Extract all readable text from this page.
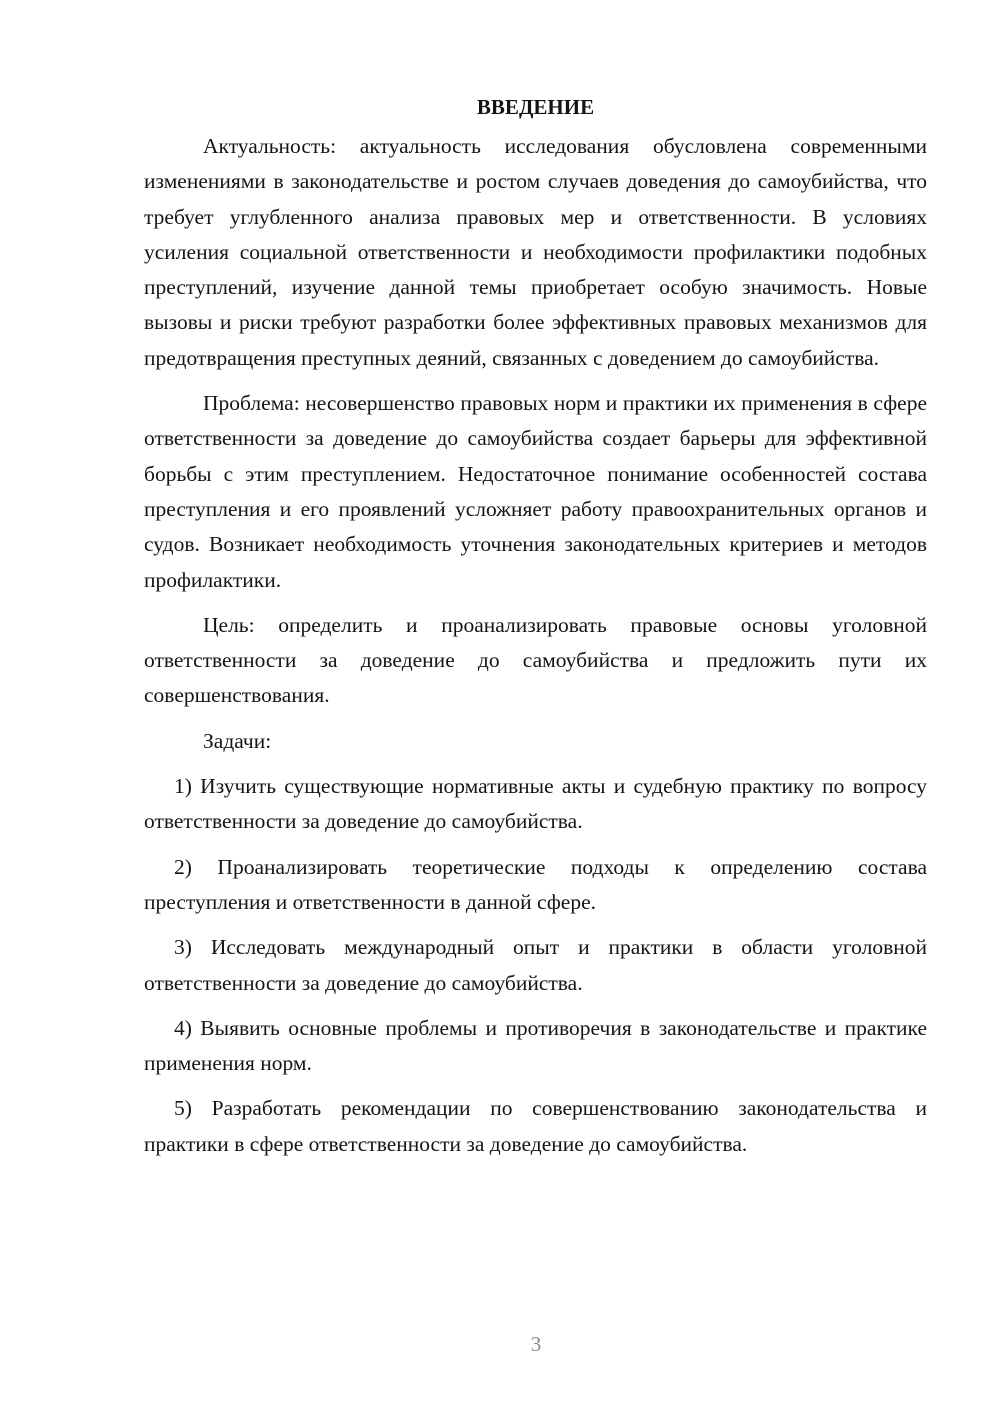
ВВЕДЕНИЕ

Актуальность: актуальность исследования обусловлена современными изменениями в законодательстве и ростом случаев доведения до самоубийства, что требует углубленного анализа правовых мер и ответственности. В условиях усиления социальной ответственности и необходимости профилактики подобных преступлений, изучение данной темы приобретает особую значимость. Новые вызовы и риски требуют разработки более эффективных правовых механизмов для предотвращения преступных деяний, связанных с доведением до самоубийства.

Проблема: несовершенство правовых норм и практики их применения в сфере ответственности за доведение до самоубийства создает барьеры для эффективной борьбы с этим преступлением. Недостаточное понимание особенностей состава преступления и его проявлений усложняет работу правоохранительных органов и судов. Возникает необходимость уточнения законодательных критериев и методов профилактики.

Цель: определить и проанализировать правовые основы уголовной ответственности за доведение до самоубийства и предложить пути их совершенствования.

Задачи:

1) Изучить существующие нормативные акты и судебную практику по вопросу ответственности за доведение до самоубийства.

2) Проанализировать теоретические подходы к определению состава преступления и ответственности в данной сфере.

3) Исследовать международный опыт и практики в области уголовной ответственности за доведение до самоубийства.

4) Выявить основные проблемы и противоречия в законодательстве и практике применения норм.

5) Разработать рекомендации по совершенствованию законодательства и практики в сфере ответственности за доведение до самоубийства.

3
